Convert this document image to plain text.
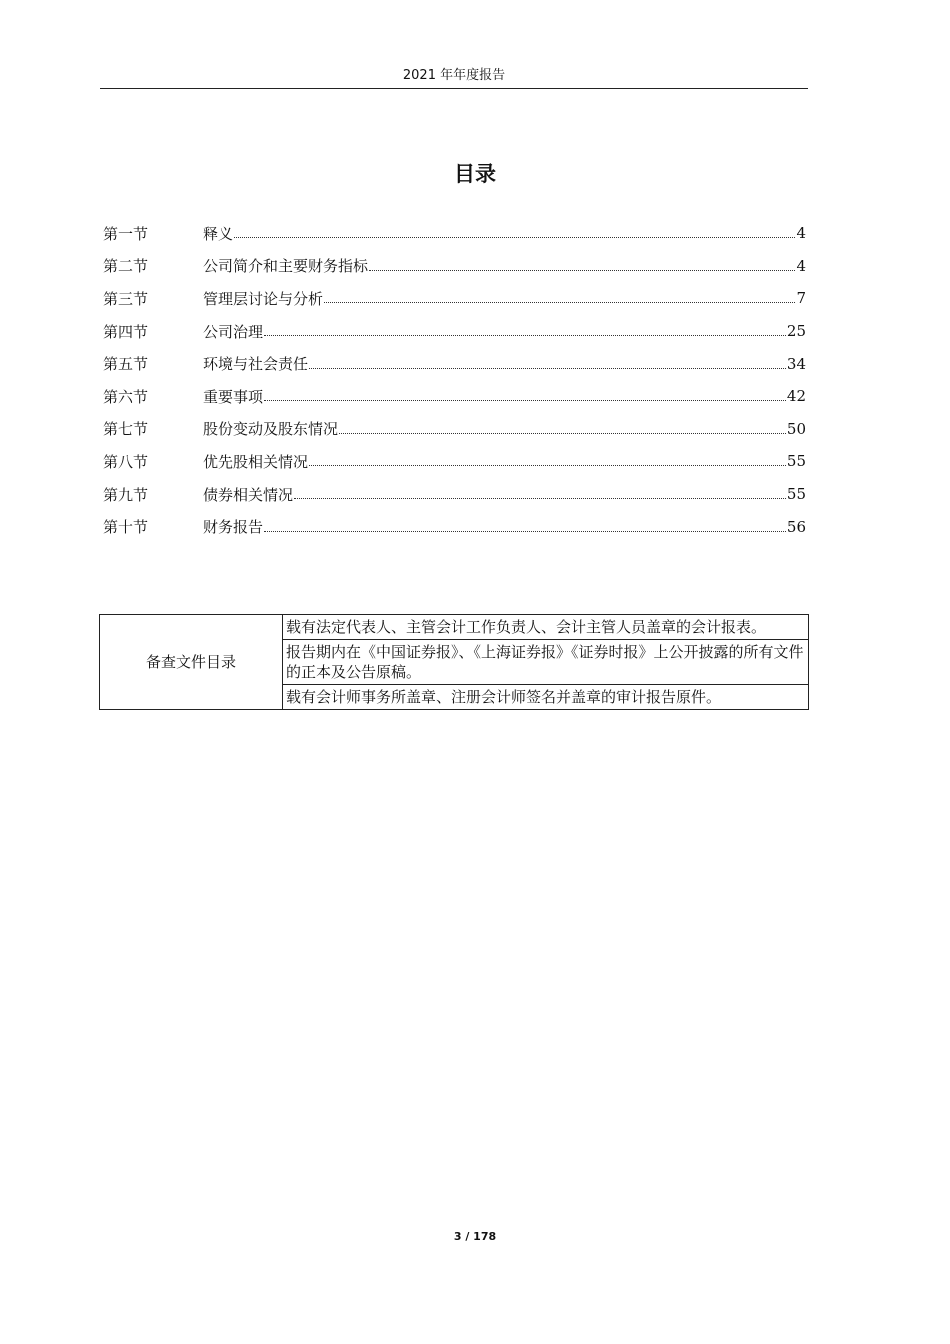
2021 年年度报告
目录
第一节	释义	4
第二节	公司简介和主要财务指标	4
第三节	管理层讨论与分析	7
第四节	公司治理	25
第五节	环境与社会责任	34
第六节	重要事项	42
第七节	股份变动及股东情况	50
第八节	优先股相关情况	55
第九节	债券相关情况	55
第十节	财务报告	56
备查文件目录	载有法定代表人、主管会计工作负责人、会计主管人员盖章的会计报表。
报告期内在《中国证券报》、《上海证券报》《证券时报》上公开披露的所有文件的正本及公告原稿。
载有会计师事务所盖章、注册会计师签名并盖章的审计报告原件。
3 / 178
